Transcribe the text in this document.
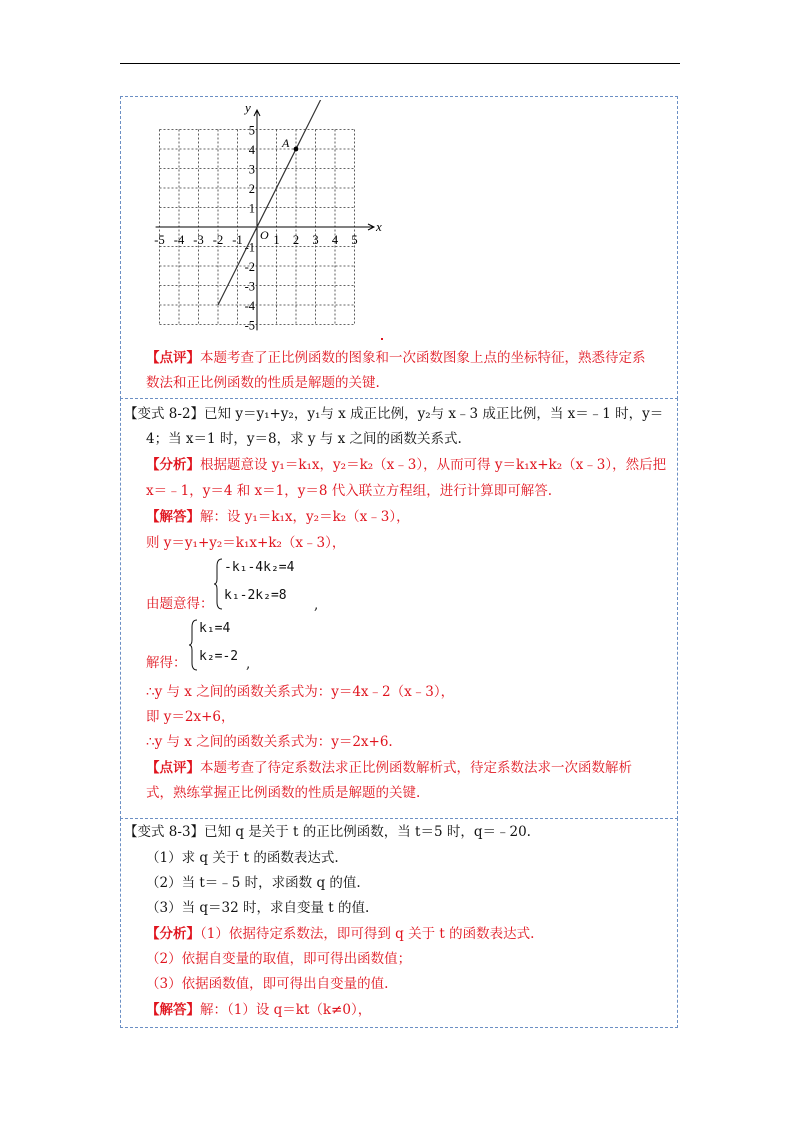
x
y
O
-5 -4 -3 -2 -1 1 2 3 4 5
5
4
3
2
1
-1
-2
-3
-4
-5
A
【点评】本题考查了正比例函数的图象和一次函数图象上点的坐标特征，熟悉待定系
数法和正比例函数的性质是解题的关键.
【变式 8-2】已知 y＝y₁+y₂，y₁与 x 成正比例，y₂与 x﹣3 成正比例，当 x＝﹣1 时，y＝
4；当 x＝1 时，y＝8，求 y 与 x 之间的函数关系式.
【分析】根据题意设 y₁＝k₁x，y₂＝k₂（x﹣3），从而可得 y＝k₁x+k₂（x﹣3），然后把
x＝﹣1，y＝4 和 x＝1，y＝8 代入联立方程组，进行计算即可解答.
【解答】解：设 y₁＝k₁x，y₂＝k₂（x﹣3），
则 y＝y₁+y₂＝k₁x+k₂（x﹣3），
由题意得：
-k₁-4k₂=4
k₁-2k₂=8
,
解得：
k₁=4
k₂=-2 ,
∴y 与 x 之间的函数关系式为：y＝4x﹣2（x﹣3），
即 y＝2x+6，
∴y 与 x 之间的函数关系式为：y＝2x+6.
【点评】本题考查了待定系数法求正比例函数解析式，待定系数法求一次函数解析
式，熟练掌握正比例函数的性质是解题的关键.
【变式 8-3】已知 q 是关于 t 的正比例函数，当 t＝5 时，q＝﹣20.
（1）求 q 关于 t 的函数表达式.
（2）当 t＝﹣5 时，求函数 q 的值.
（3）当 q＝32 时，求自变量 t 的值.
【分析】（1）依据待定系数法，即可得到 q 关于 t 的函数表达式.
（2）依据自变量的取值，即可得出函数值；
（3）依据函数值，即可得出自变量的值.
【解答】解：（1）设 q＝kt（k≠0），
